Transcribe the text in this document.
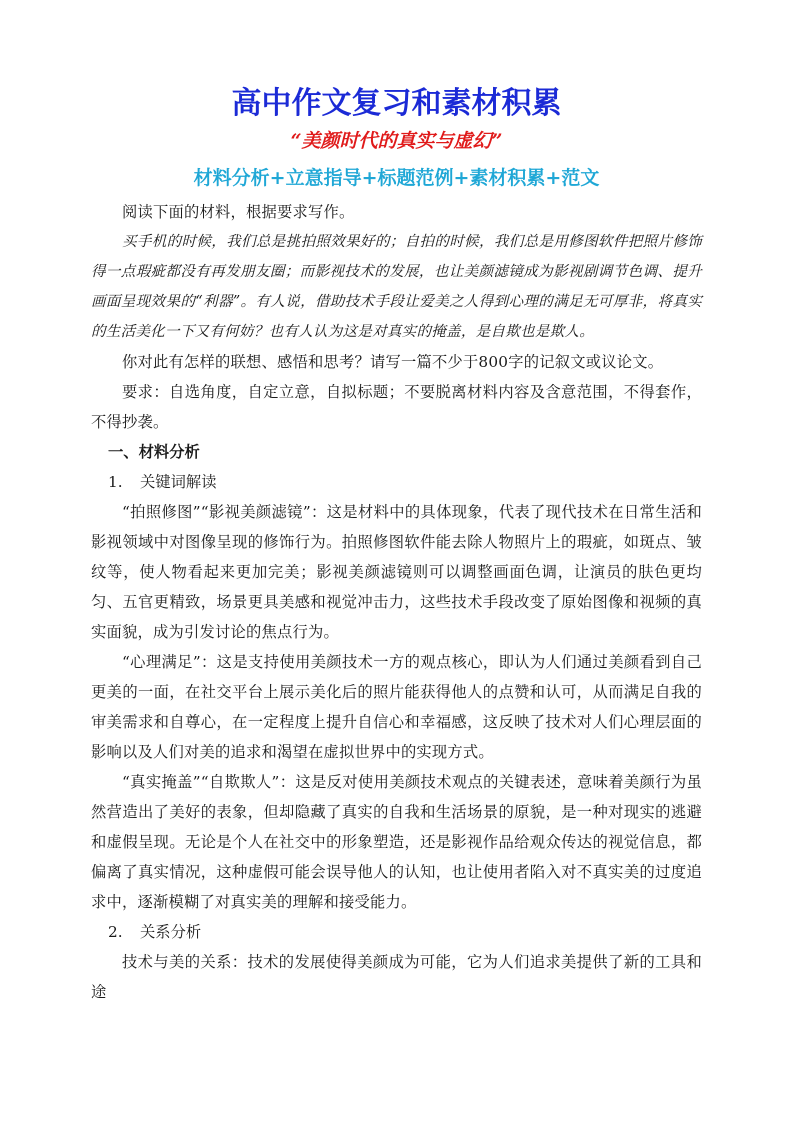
高中作文复习和素材积累
“美颜时代的真实与虚幻”
材料分析+立意指导+标题范例+素材积累+范文

阅读下面的材料，根据要求写作。

买手机的时候，我们总是挑拍照效果好的；自拍的时候，我们总是用修图软件把照片修饰得一点瑕疵都没有再发朋友圈；而影视技术的发展，也让美颜滤镜成为影视剧调节色调、提升画面呈现效果的“利器”。有人说，借助技术手段让爱美之人得到心理的满足无可厚非，将真实的生活美化一下又有何妨？也有人认为这是对真实的掩盖，是自欺也是欺人。

你对此有怎样的联想、感悟和思考？请写一篇不少于800字的记叙文或议论文。

要求：自选角度，自定立意，自拟标题；不要脱离材料内容及含意范围，不得套作，不得抄袭。

一、材料分析

1. 关键词解读

“拍照修图”“影视美颜滤镜”：这是材料中的具体现象，代表了现代技术在日常生活和影视领域中对图像呈现的修饰行为。拍照修图软件能去除人物照片上的瑕疵，如斑点、皱纹等，使人物看起来更加完美；影视美颜滤镜则可以调整画面色调，让演员的肤色更均匀、五官更精致，场景更具美感和视觉冲击力，这些技术手段改变了原始图像和视频的真实面貌，成为引发讨论的焦点行为。

“心理满足”：这是支持使用美颜技术一方的观点核心，即认为人们通过美颜看到自己更美的一面，在社交平台上展示美化后的照片能获得他人的点赞和认可，从而满足自我的审美需求和自尊心，在一定程度上提升自信心和幸福感，这反映了技术对人们心理层面的影响以及人们对美的追求和渴望在虚拟世界中的实现方式。

“真实掩盖”“自欺欺人”：这是反对使用美颜技术观点的关键表述，意味着美颜行为虽然营造出了美好的表象，但却隐藏了真实的自我和生活场景的原貌，是一种对现实的逃避和虚假呈现。无论是个人在社交中的形象塑造，还是影视作品给观众传达的视觉信息，都偏离了真实情况，这种虚假可能会误导他人的认知，也让使用者陷入对不真实美的过度追求中，逐渐模糊了对真实美的理解和接受能力。

2. 关系分析

技术与美的关系：技术的发展使得美颜成为可能，它为人们追求美提供了新的工具和途
